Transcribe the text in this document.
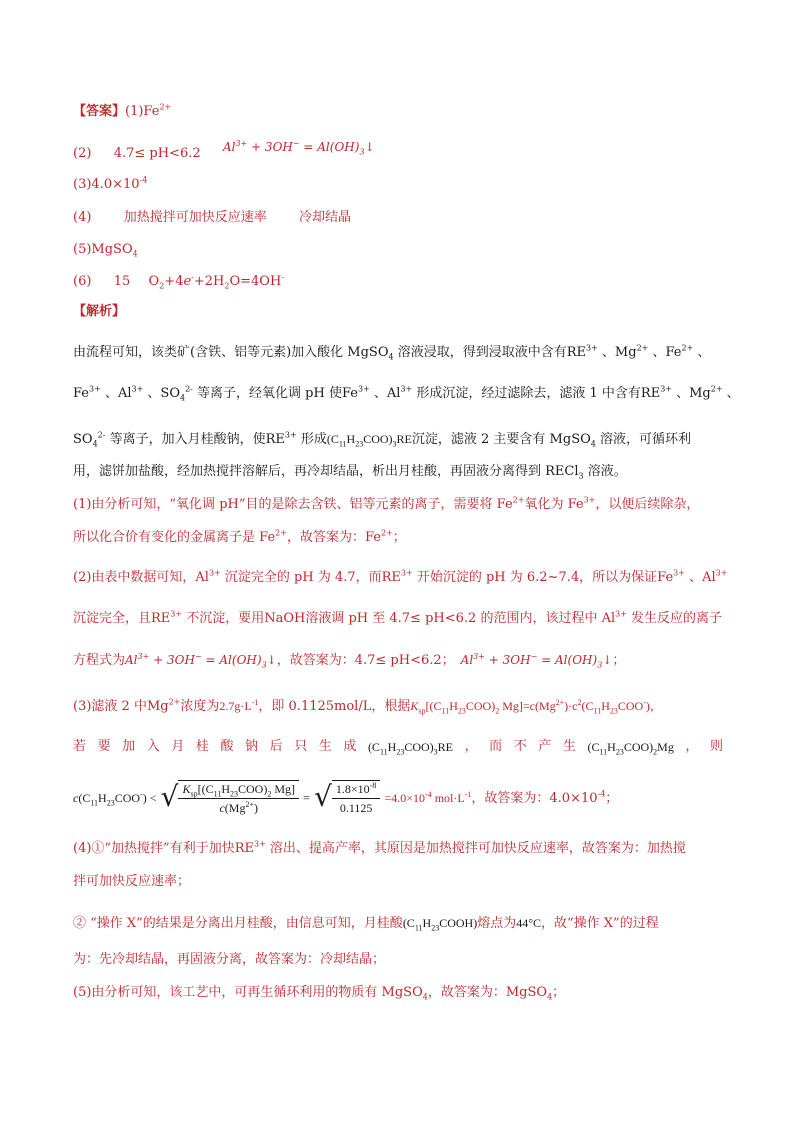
【答案】$(1)Fe^{2+}$
(2) 4.7≤ pH<6.2 $Al^{3+} + 3OH^-$ = $Al(OH)_3↓$
$(3)4.0\times 10^{-4}$
(4) 加热搅拌可加快反应速率 冷却结晶
(5)MgSO$_4$
(6) 15 $O_2+4e^-+2H_2O=4OH^-$
【解析】
由流程可知，该类矿(含铁、铝等元素)加入酸化 MgSO$_4$ 溶液浸取，得到浸取液中含有$RE^{3+}$ 、$Mg^{2+}$ 、$Fe^{2+}$ 、
$Fe^{3+}$ 、$Al^{3+}$ 、$SO_4^{2-}$ 等离子，经氧化调 pH 使$Fe^{3+}$ 、$Al^{3+}$ 形成沉淀，经过滤除去，滤液 1 中含有$RE^{3+}$ 、$Mg^{2+}$ 、
$SO_4^{2-}$ 等离子，加入月桂酸钠，使$RE^{3+}$ 形成$(C_{11}H_{23}COO)_3RE$沉淀，滤液 2 主要含有 MgSO$_4$ 溶液，可循环利
用，滤饼加盐酸，经加热搅拌溶解后，再冷却结晶，析出月桂酸，再固液分离得到 RECl$_3$ 溶液。
(1)由分析可知，“氧化调 pH”目的是除去含铁、铝等元素的离子，需要将 $Fe^{2+}$氧化为 $Fe^{3+}$，以便后续除杂，
所以化合价有变化的金属离子是 $Fe^{2+}$，故答案为：$Fe^{2+}$；
(2)由表中数据可知，$Al^{3+}$ 沉淀完全的 pH 为 4.7，而$RE^{3+}$ 开始沉淀的 pH 为 6.2~7.4，所以为保证$Fe^{3+}$ 、$Al^{3+}$
沉淀完全，且$RE^{3+}$ 不沉淀，要用NaOH溶液调 pH 至 4.7≤ pH<6.2 的范围内，该过程中 $Al^{3+}$ 发生反应的离子
方程式为$Al^{3+} + 3OH^-$ = $Al(OH)_3↓$，故答案为：4.7≤ pH<6.2； $Al^{3+} + 3OH^-$ = $Al(OH)_3↓$；
(3)滤液 2 中$Mg^{2+}$浓度为$2.7g\cdot L^{-1}$，即 0.1125mol/L，根据$K_{sp}[(C_{11}H_{23}COO)_2$ $Mg]=c(Mg^{2+})\cdot c^2(C_{11}H_{23}COO^-)$，
若 要 加 入 月 桂 酸 钠 后 只 生 成 $(C_{11}H_{23}COO)_3RE$ ， 而 不 产 生 $(C_{11}H_{23}COO)_2Mg$ ， 则
$c(C_{11}H_{23}COO^-)$ < √ $\frac{K_{sp}[(C_{11}H_{23}COO)_2 Mg]}{c(Mg^{2+})}$ = √ $\frac{1.8\times 10^{-8}}{0.1125} =4.0\times 10^{-4}$ $mol\cdot L^{-1}$，故答案为：$4.0\times 10^{-4}$；
(4)①“加热搅拌”有利于加快$RE^{3+}$ 溶出、提高产率，其原因是加热搅拌可加快反应速率，故答案为：加热搅
拌可加快反应速率；
② “操作 X”的结果是分离出月桂酸，由信息可知，月桂酸$(C_{11}H_{23}COOH)$熔点为44°C，故“操作 X”的过程
为：先冷却结晶，再固液分离，故答案为：冷却结晶；
(5)由分析可知，该工艺中，可再生循环利用的物质有 MgSO$_4$，故答案为：MgSO$_4$；
